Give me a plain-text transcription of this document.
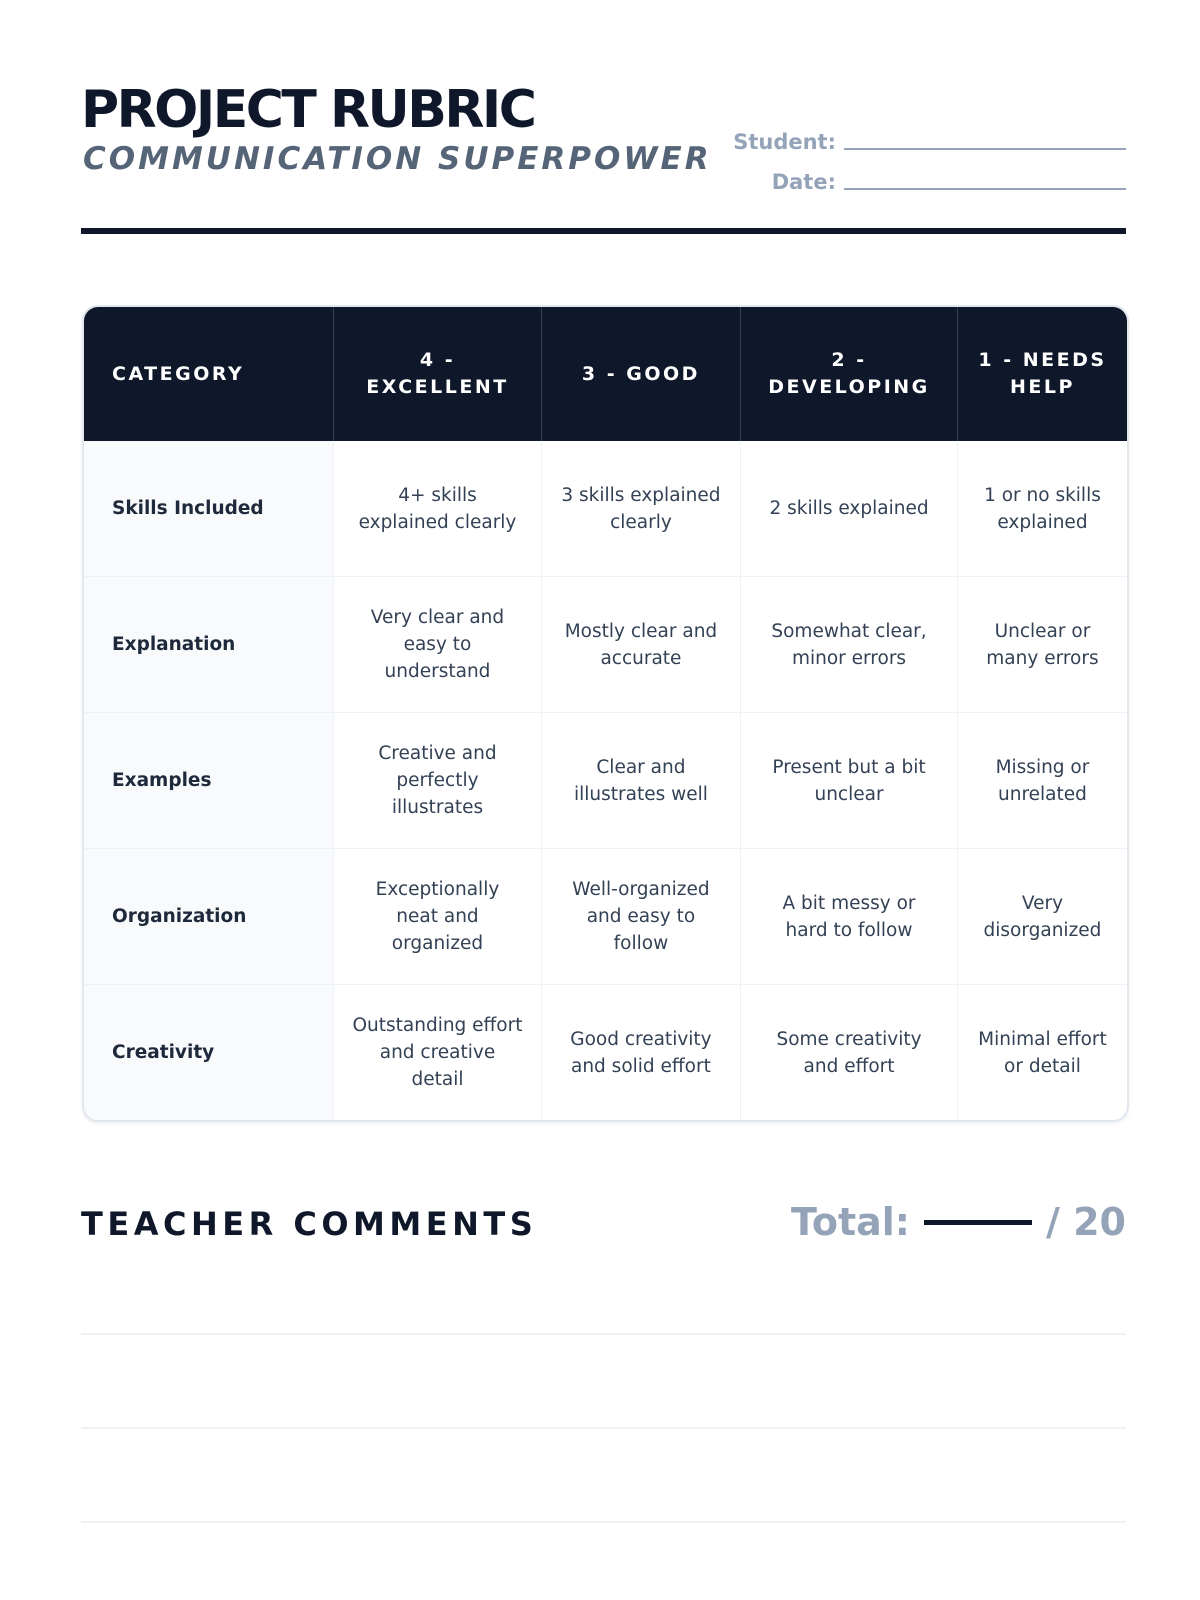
PROJECT RUBRIC
COMMUNICATION SUPERPOWER Student:
Date:
CATEGORY	4 - EXCELLENT	3 - GOOD	2 - DEVELOPING	1 - NEEDS HELP
Skills Included	4+ skills explained clearly	3 skills explained clearly	2 skills explained	1 or no skills explained
Explanation	Very clear and easy to understand	Mostly clear and accurate	Somewhat clear, minor errors	Unclear or many errors
Examples	Creative and perfectly illustrates	Clear and illustrates well	Present but a bit unclear	Missing or unrelated
Organization	Exceptionally neat and organized	Well-organized and easy to follow	A bit messy or hard to follow	Very disorganized
Creativity	Outstanding effort and creative detail	Good creativity and solid effort	Some creativity and effort	Minimal effort or detail
TEACHER COMMENTS	Total:	/ 20
